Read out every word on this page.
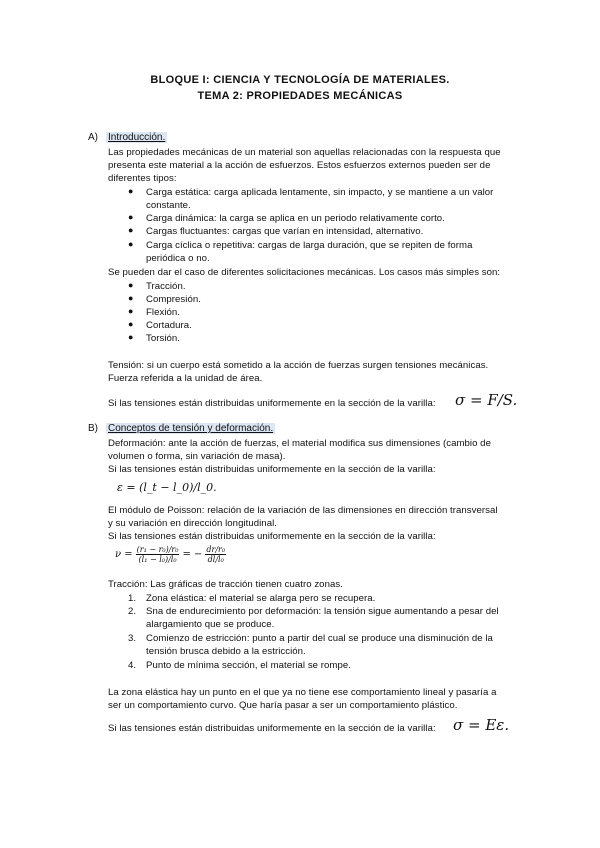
BLOQUE I: CIENCIA Y TECNOLOGÍA DE MATERIALES.
TEMA 2: PROPIEDADES MECÁNICAS
A) Introducción.
Las propiedades mecánicas de un material son aquellas relacionadas con la respuesta que
presenta este material a la acción de esfuerzos. Estos esfuerzos externos pueden ser de
diferentes tipos:
● Carga estática: carga aplicada lentamente, sin impacto, y se mantiene a un valor
constante.
● Carga dinámica: la carga se aplica en un periodo relativamente corto.
● Cargas fluctuantes: cargas que varían en intensidad, alternativo.
● Carga cíclica o repetitiva: cargas de larga duración, que se repiten de forma
periódica o no.
Se pueden dar el caso de diferentes solicitaciones mecánicas. Los casos más simples son:
● Tracción.
● Compresión.
● Flexión.
● Cortadura.
● Torsión.
Tensión: si un cuerpo está sometido a la acción de fuerzas surgen tensiones mecánicas.
Fuerza referida a la unidad de área.
Si las tensiones están distribuidas uniformemente en la sección de la varilla: σ = F/S.
B) Conceptos de tensión y deformación.
Deformación: ante la acción de fuerzas, el material modifica sus dimensiones (cambio de
volumen o forma, sin variación de masa).
Si las tensiones están distribuidas uniformemente en la sección de la varilla:
ε = (l_t − l_0)/l_0.
El módulo de Poisson: relación de la variación de las dimensiones en dirección transversal
y su variación en dirección longitudinal.
Si las tensiones están distribuidas uniformemente en la sección de la varilla:
$\nu = \frac{\text{(r₁ − r₀)/r₀}}{\text{(l₁ − l₀)/l₀}}$ = − $\frac{\text{dr/r₀}}{\text{dl/l₀}}$
Tracción: Las gráficas de tracción tienen cuatro zonas.
1. Zona elástica: el material se alarga pero se recupera.
2. Sna de endurecimiento por deformación: la tensión sigue aumentando a pesar del
alargamiento que se produce.
3. Comienzo de estricción: punto a partir del cual se produce una disminución de la
tensión brusca debido a la estricción.
4. Punto de mínima sección, el material se rompe.
La zona elástica hay un punto en el que ya no tiene ese comportamiento lineal y pasaría a
ser un comportamiento curvo. Que haría pasar a ser un comportamiento plástico.
Si las tensiones están distribuidas uniformemente en la sección de la varilla: σ = Eε.
